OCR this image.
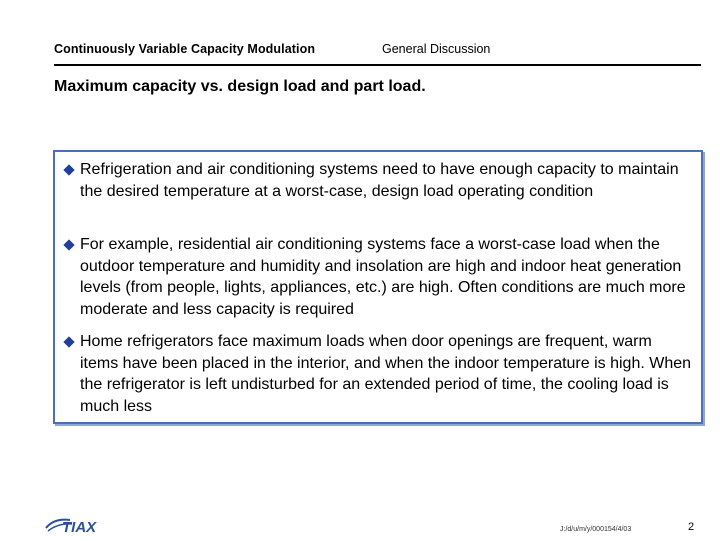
Continuously Variable Capacity Modulation	General Discussion
Maximum capacity vs. design load and part load.
Refrigeration and air conditioning systems need to have enough capacity to maintain the desired temperature at a worst-case, design load operating condition
For example, residential air conditioning systems face a worst-case load when the outdoor temperature and humidity and insolation are high and indoor heat generation levels (from people, lights, appliances, etc.) are high. Often conditions are much more moderate and less capacity is required
Home refrigerators face maximum loads when door openings are frequent, warm items have been placed in the interior, and when the indoor temperature is high. When the refrigerator is left undisturbed for an extended period of time, the cooling load is much less
TIAX	J:/d/u/m/y/000154/4/03	2
